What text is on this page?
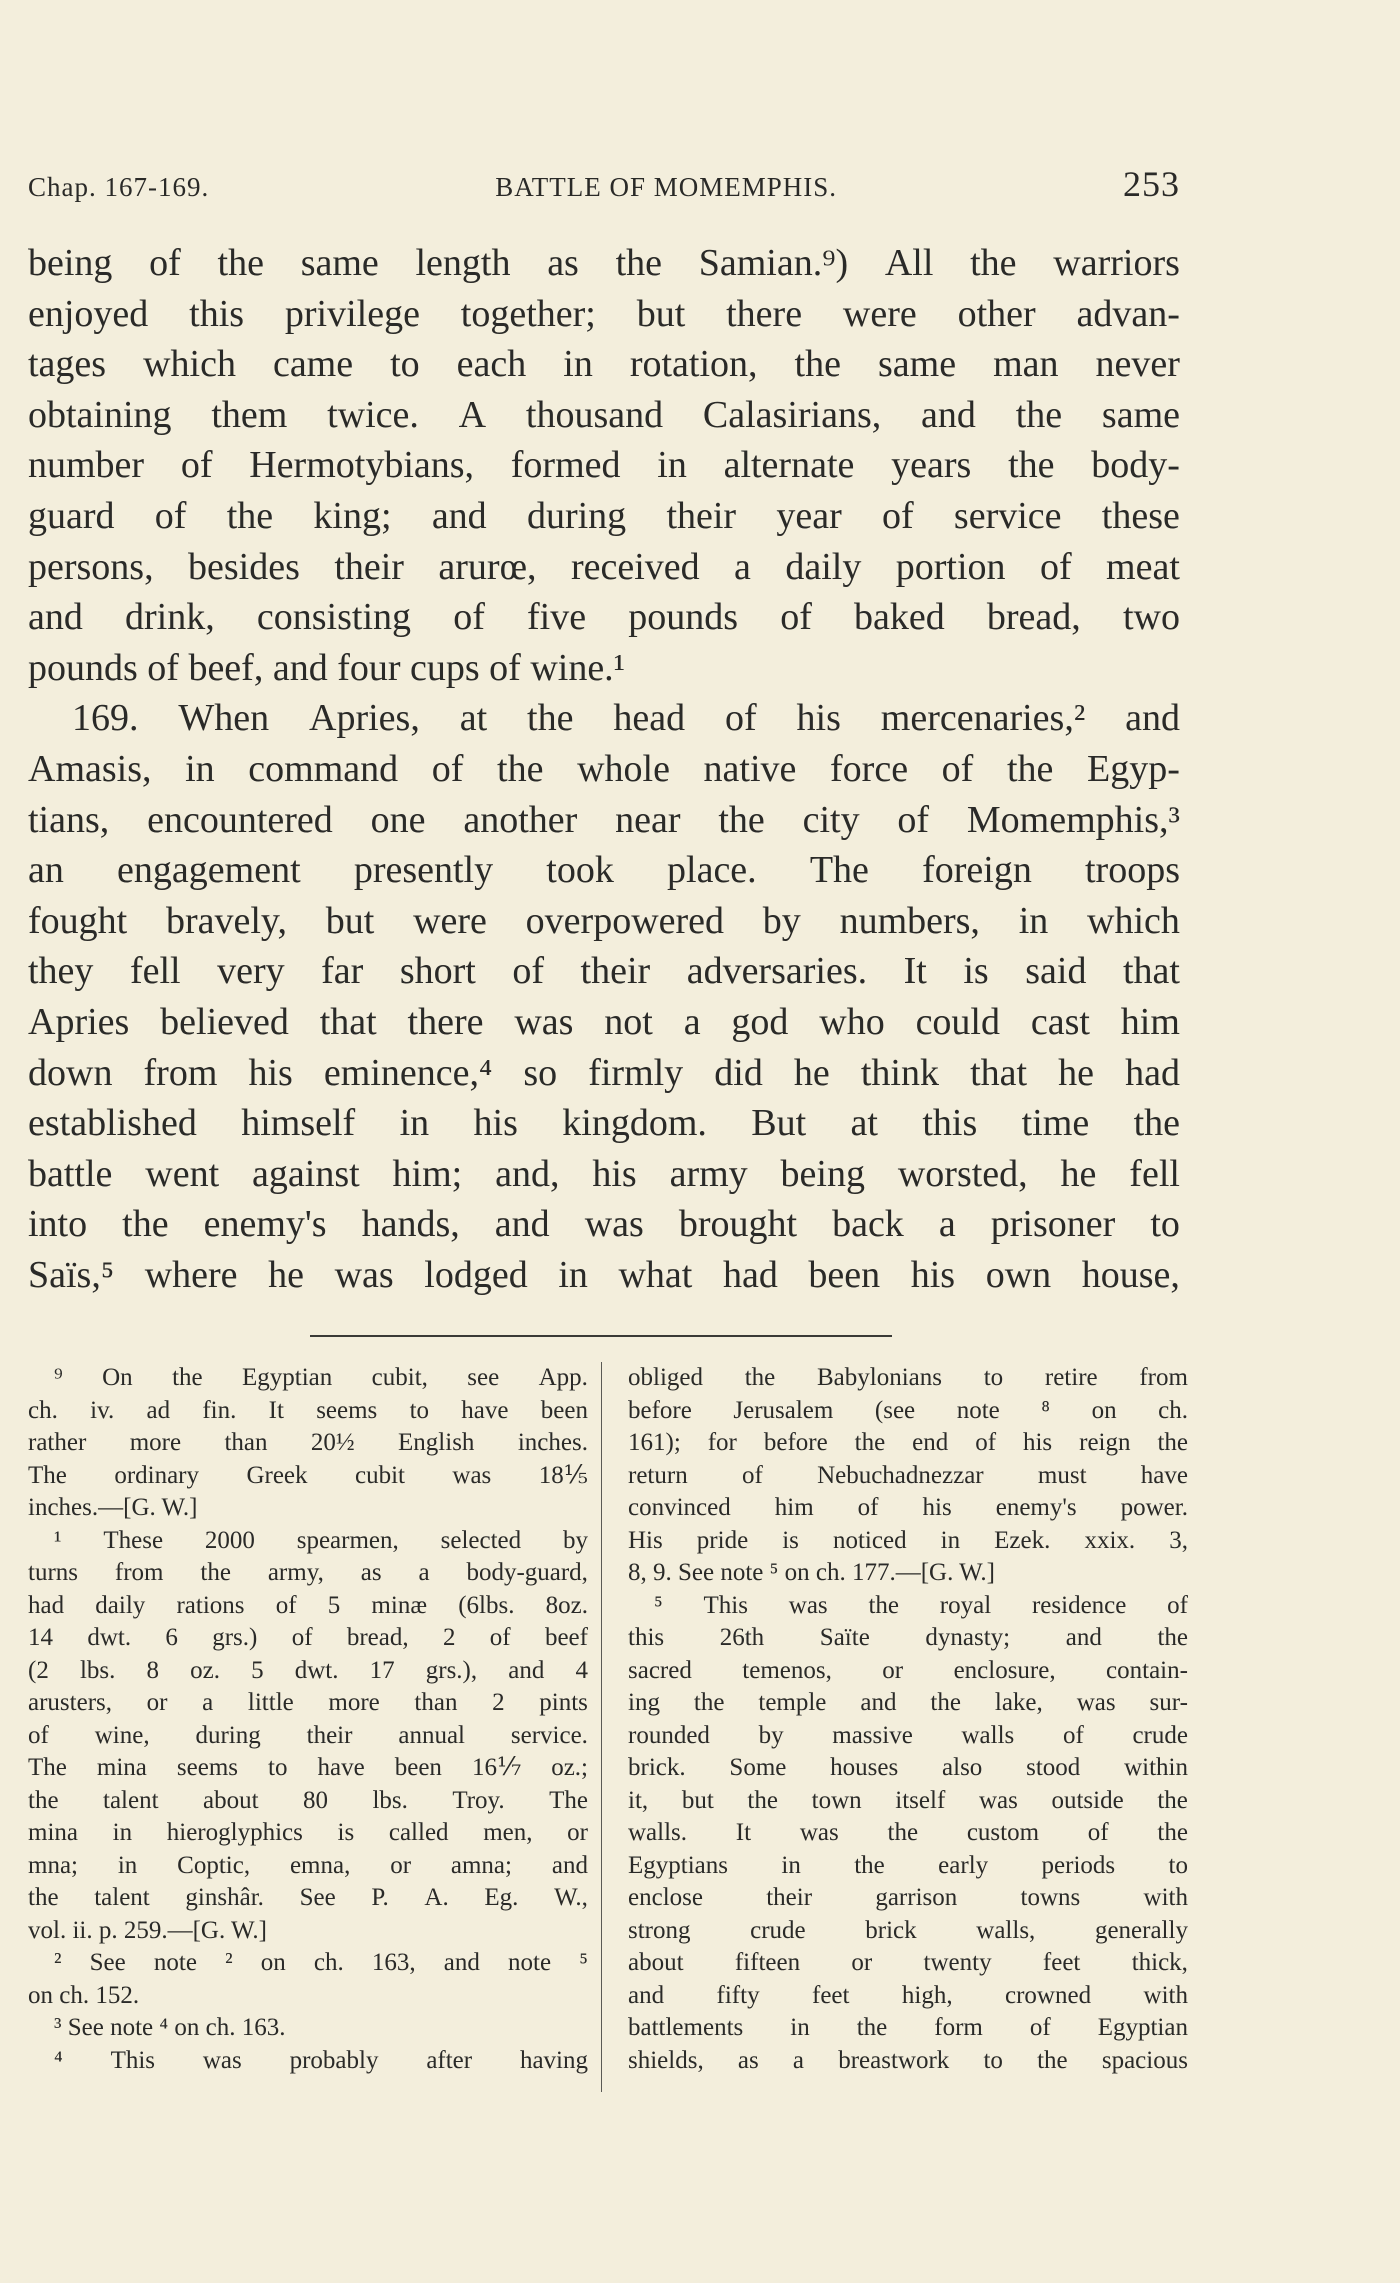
Chap. 167-169.	BATTLE OF MOMEMPHIS.	253
being of the same length as the Samian.⁹) All the warriors
enjoyed this privilege together; but there were other advan-
tages which came to each in rotation, the same man never
obtaining them twice. A thousand Calasirians, and the same
number of Hermotybians, formed in alternate years the body-
guard of the king; and during their year of service these
persons, besides their arurœ, received a daily portion of meat
and drink, consisting of five pounds of baked bread, two
pounds of beef, and four cups of wine.¹
169. When Apries, at the head of his mercenaries,² and
Amasis, in command of the whole native force of the Egyp-
tians, encountered one another near the city of Momemphis,³
an engagement presently took place. The foreign troops
fought bravely, but were overpowered by numbers, in which
they fell very far short of their adversaries. It is said that
Apries believed that there was not a god who could cast him
down from his eminence,⁴ so firmly did he think that he had
established himself in his kingdom. But at this time the
battle went against him; and, his army being worsted, he fell
into the enemy's hands, and was brought back a prisoner to
Saïs,⁵ where he was lodged in what had been his own house,
⁹ On the Egyptian cubit, see App.
ch. iv. ad fin. It seems to have been
rather more than 20½ English inches.
The ordinary Greek cubit was 18⅕
inches.—[G. W.]
¹ These 2000 spearmen, selected by
turns from the army, as a body-guard,
had daily rations of 5 minæ (6lbs. 8oz.
14 dwt. 6 grs.) of bread, 2 of beef
(2 lbs. 8 oz. 5 dwt. 17 grs.), and 4
arusters, or a little more than 2 pints
of wine, during their annual service.
The mina seems to have been 16⅐ oz.;
the talent about 80 lbs. Troy. The
mina in hieroglyphics is called men, or
mna; in Coptic, emna, or amna; and
the talent ginshâr. See P. A. Eg. W.,
vol. ii. p. 259.—[G. W.]
² See note ² on ch. 163, and note ⁵
on ch. 152.
³ See note ⁴ on ch. 163.
⁴ This was probably after having
obliged the Babylonians to retire from
before Jerusalem (see note ⁸ on ch.
161); for before the end of his reign the
return of Nebuchadnezzar must have
convinced him of his enemy's power.
His pride is noticed in Ezek. xxix. 3,
8, 9. See note ⁵ on ch. 177.—[G. W.]
⁵ This was the royal residence of
this 26th Saïte dynasty; and the
sacred temenos, or enclosure, contain-
ing the temple and the lake, was sur-
rounded by massive walls of crude
brick. Some houses also stood within
it, but the town itself was outside the
walls. It was the custom of the
Egyptians in the early periods to
enclose	their	garrison	towns	with
strong crude brick walls, generally
about fifteen or twenty feet thick,
and fifty feet high, crowned with
battlements in the form of Egyptian
shields, as a breastwork to the spacious
